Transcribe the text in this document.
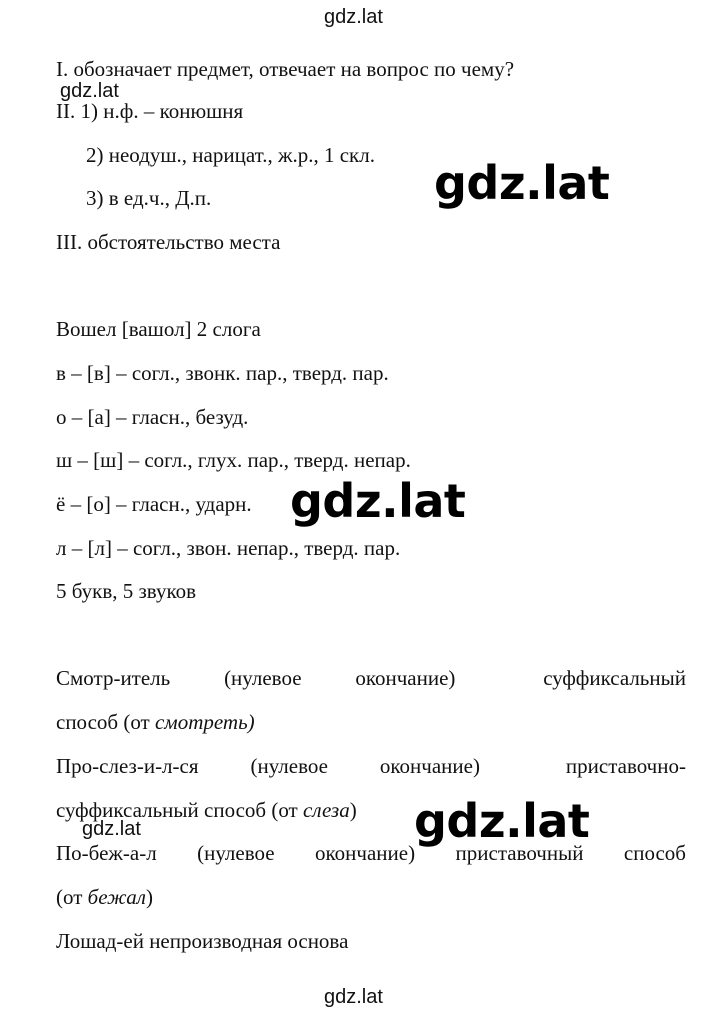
gdz.lat
gdz.lat
gdz.lat
gdz.lat
gdz.lat	gdz.lat
gdz.lat
I. обозначает предмет, отвечает на вопрос по чему?
II. 1) н.ф. – конюшня
2) неодуш., нарицат., ж.р., 1 скл.
3) в ед.ч., Д.п.
III. обстоятельство места
Вошел [вашол] 2 слога
в – [в] – согл., звонк. пар., тверд. пар.
о – [а] – гласн., безуд.
ш – [ш] – согл., глух. пар., тверд. непар.
ё – [о] – гласн., ударн.
л – [л] – согл., звон. непар., тверд. пар.
5 букв, 5 звуков
Смотр-итель	(нулевое	окончание)	суффиксальный
способ (от смотреть)
Про-слез-и-л-ся (нулевое окончание)	приставочно-
суффиксальный способ (от слеза)
По-беж-а-л (нулевое окончание) приставочный способ
(от бежал)
Лошад-ей непроизводная основа
